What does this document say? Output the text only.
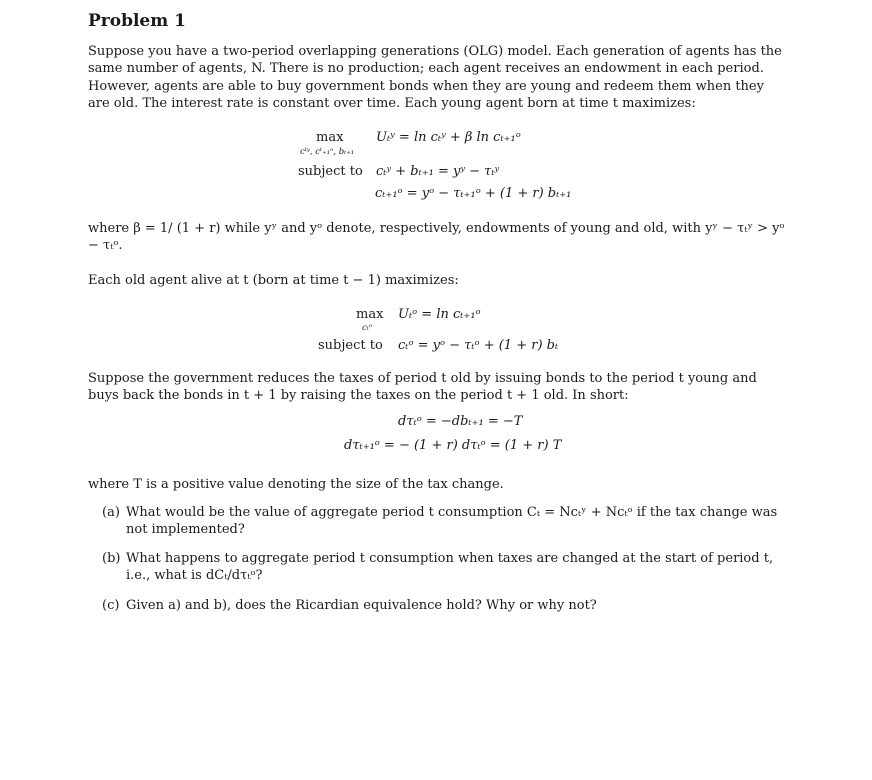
Problem 1
Suppose you have a two-period overlapping generations (OLG) model. Each generation of agents has the same number of agents, N. There is no production; each agent receives an endowment in each period. However, agents are able to buy government bonds when they are young and redeem them when they are old. The interest rate is constant over time. Each young agent born at time t maximizes:
max
cᵗʸ, cᵗ₊₁ᵒ, bₜ₊₁
Uₜʸ = ln cₜʸ + β ln cₜ₊₁ᵒ
subject to cₜʸ + bₜ₊₁ = yʸ − τₜʸ
cₜ₊₁ᵒ = yᵒ − τₜ₊₁ᵒ + (1 + r) bₜ₊₁
where β = 1/ (1 + r) while yʸ and yᵒ denote, respectively, endowments of young and old, with yʸ − τₜʸ > yᵒ − τₜᵒ.
Each old agent alive at t (born at time t − 1) maximizes:
max
cₜᵒ
Uₜᵒ = ln cₜ₊₁ᵒ
subject to cₜᵒ = yᵒ − τₜᵒ + (1 + r) bₜ
Suppose the government reduces the taxes of period t old by issuing bonds to the period t young and buys back the bonds in t + 1 by raising the taxes on the period t + 1 old. In short:
dτₜᵒ = −dbₜ₊₁ = −T
dτₜ₊₁ᵒ = − (1 + r) dτₜᵒ = (1 + r) T
where T is a positive value denoting the size of the tax change.
(a) What would be the value of aggregate period t consumption Cₜ = Ncₜʸ + Ncₜᵒ if the tax change was not implemented?
(b) What happens to aggregate period t consumption when taxes are changed at the start of period t, i.e., what is dCₜ/dτₜᵒ?
(c) Given a) and b), does the Ricardian equivalence hold? Why or why not?
